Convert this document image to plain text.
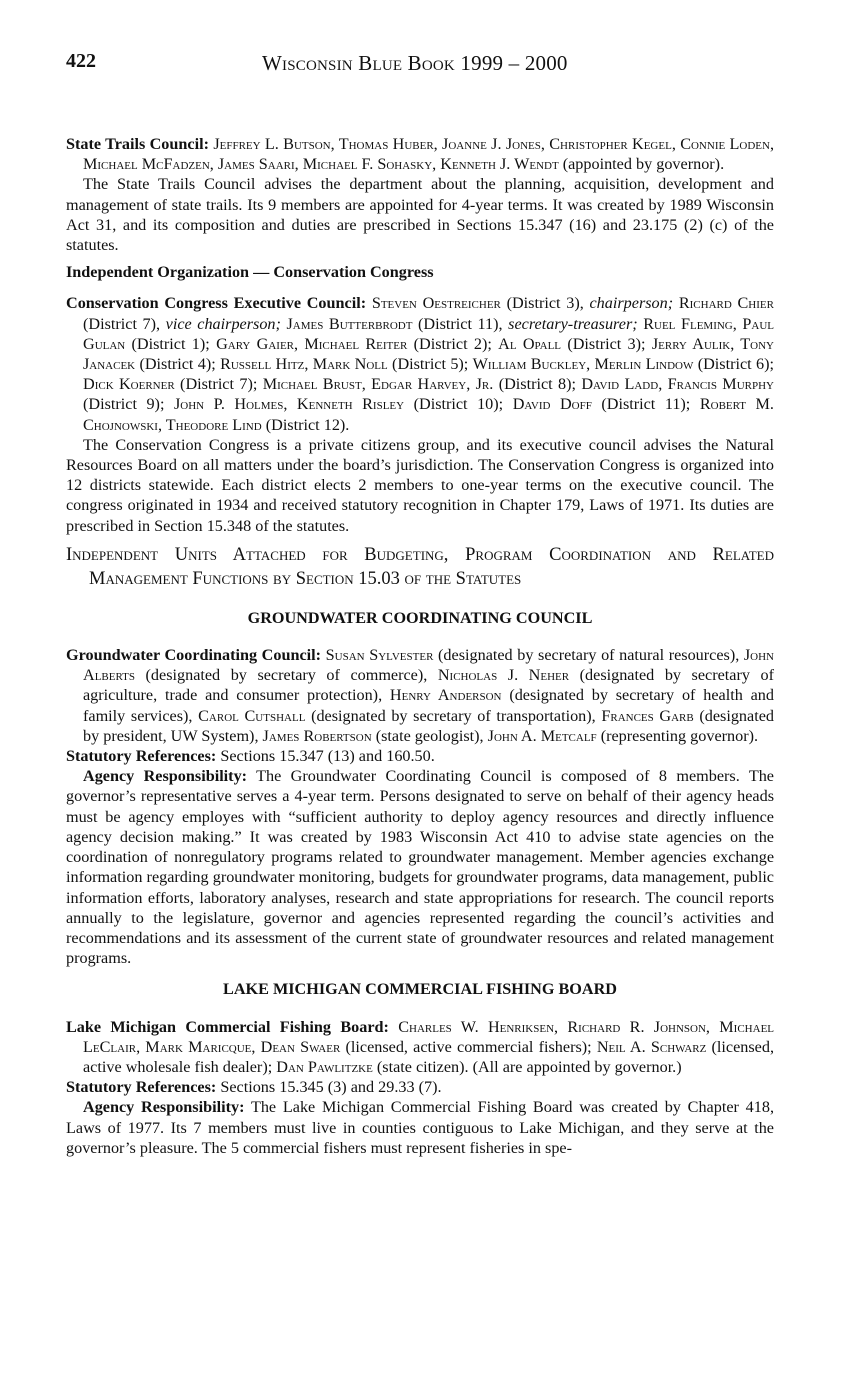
422	Wisconsin Blue Book 1999 – 2000

State Trails Council: Jeffrey L. Butson, Thomas Huber, Joanne J. Jones, Christopher Kegel, Connie Loden, Michael McFadzen, James Saari, Michael F. Sohasky, Kenneth J. Wendt (appointed by governor).

The State Trails Council advises the department about the planning, acquisition, development and management of state trails. Its 9 members are appointed for 4-year terms. It was created by 1989 Wisconsin Act 31, and its composition and duties are prescribed in Sections 15.347 (16) and 23.175 (2) (c) of the statutes.

Independent Organization — Conservation Congress

Conservation Congress Executive Council: Steven Oestreicher (District 3), chairperson; Richard Chier (District 7), vice chairperson; James Butterbrodt (District 11), secretary-treasurer; Ruel Fleming, Paul Gulan (District 1); Gary Gaier, Michael Reiter (District 2); Al Opall (District 3); Jerry Aulik, Tony Janacek (District 4); Russell Hitz, Mark Noll (District 5); William Buckley, Merlin Lindow (District 6); Dick Koerner (District 7); Michael Brust, Edgar Harvey, Jr. (District 8); David Ladd, Francis Murphy (District 9); John P. Holmes, Kenneth Risley (District 10); David Doff (District 11); Robert M. Chojnowski, Theodore Lind (District 12).

The Conservation Congress is a private citizens group, and its executive council advises the Natural Resources Board on all matters under the board’s jurisdiction. The Conservation Congress is organized into 12 districts statewide. Each district elects 2 members to one-year terms on the executive council. The congress originated in 1934 and received statutory recognition in Chapter 179, Laws of 1971. Its duties are prescribed in Section 15.348 of the statutes.

Independent Units Attached for Budgeting, Program Coordination and Related Management Functions by Section 15.03 of the Statutes

GROUNDWATER COORDINATING COUNCIL

Groundwater Coordinating Council: Susan Sylvester (designated by secretary of natural resources), John Alberts (designated by secretary of commerce), Nicholas J. Neher (designated by secretary of agriculture, trade and consumer protection), Henry Anderson (designated by secretary of health and family services), Carol Cutshall (designated by secretary of transportation), Frances Garb (designated by president, UW System), James Robertson (state geologist), John A. Metcalf (representing governor).

Statutory References: Sections 15.347 (13) and 160.50.

Agency Responsibility: The Groundwater Coordinating Council is composed of 8 members. The governor’s representative serves a 4-year term. Persons designated to serve on behalf of their agency heads must be agency employes with “sufficient authority to deploy agency resources and directly influence agency decision making.” It was created by 1983 Wisconsin Act 410 to advise state agencies on the coordination of nonregulatory programs related to groundwater management. Member agencies exchange information regarding groundwater monitoring, budgets for groundwater programs, data management, public information efforts, laboratory analyses, research and state appropriations for research. The council reports annually to the legislature, governor and agencies represented regarding the council’s activities and recommendations and its assessment of the current state of groundwater resources and related management programs.

LAKE MICHIGAN COMMERCIAL FISHING BOARD

Lake Michigan Commercial Fishing Board: Charles W. Henriksen, Richard R. Johnson, Michael LeClair, Mark Maricque, Dean Swaer (licensed, active commercial fishers); Neil A. Schwarz (licensed, active wholesale fish dealer); Dan Pawlitzke (state citizen). (All are appointed by governor.)

Statutory References: Sections 15.345 (3) and 29.33 (7).

Agency Responsibility: The Lake Michigan Commercial Fishing Board was created by Chapter 418, Laws of 1977. Its 7 members must live in counties contiguous to Lake Michigan, and they serve at the governor’s pleasure. The 5 commercial fishers must represent fisheries in spe-
